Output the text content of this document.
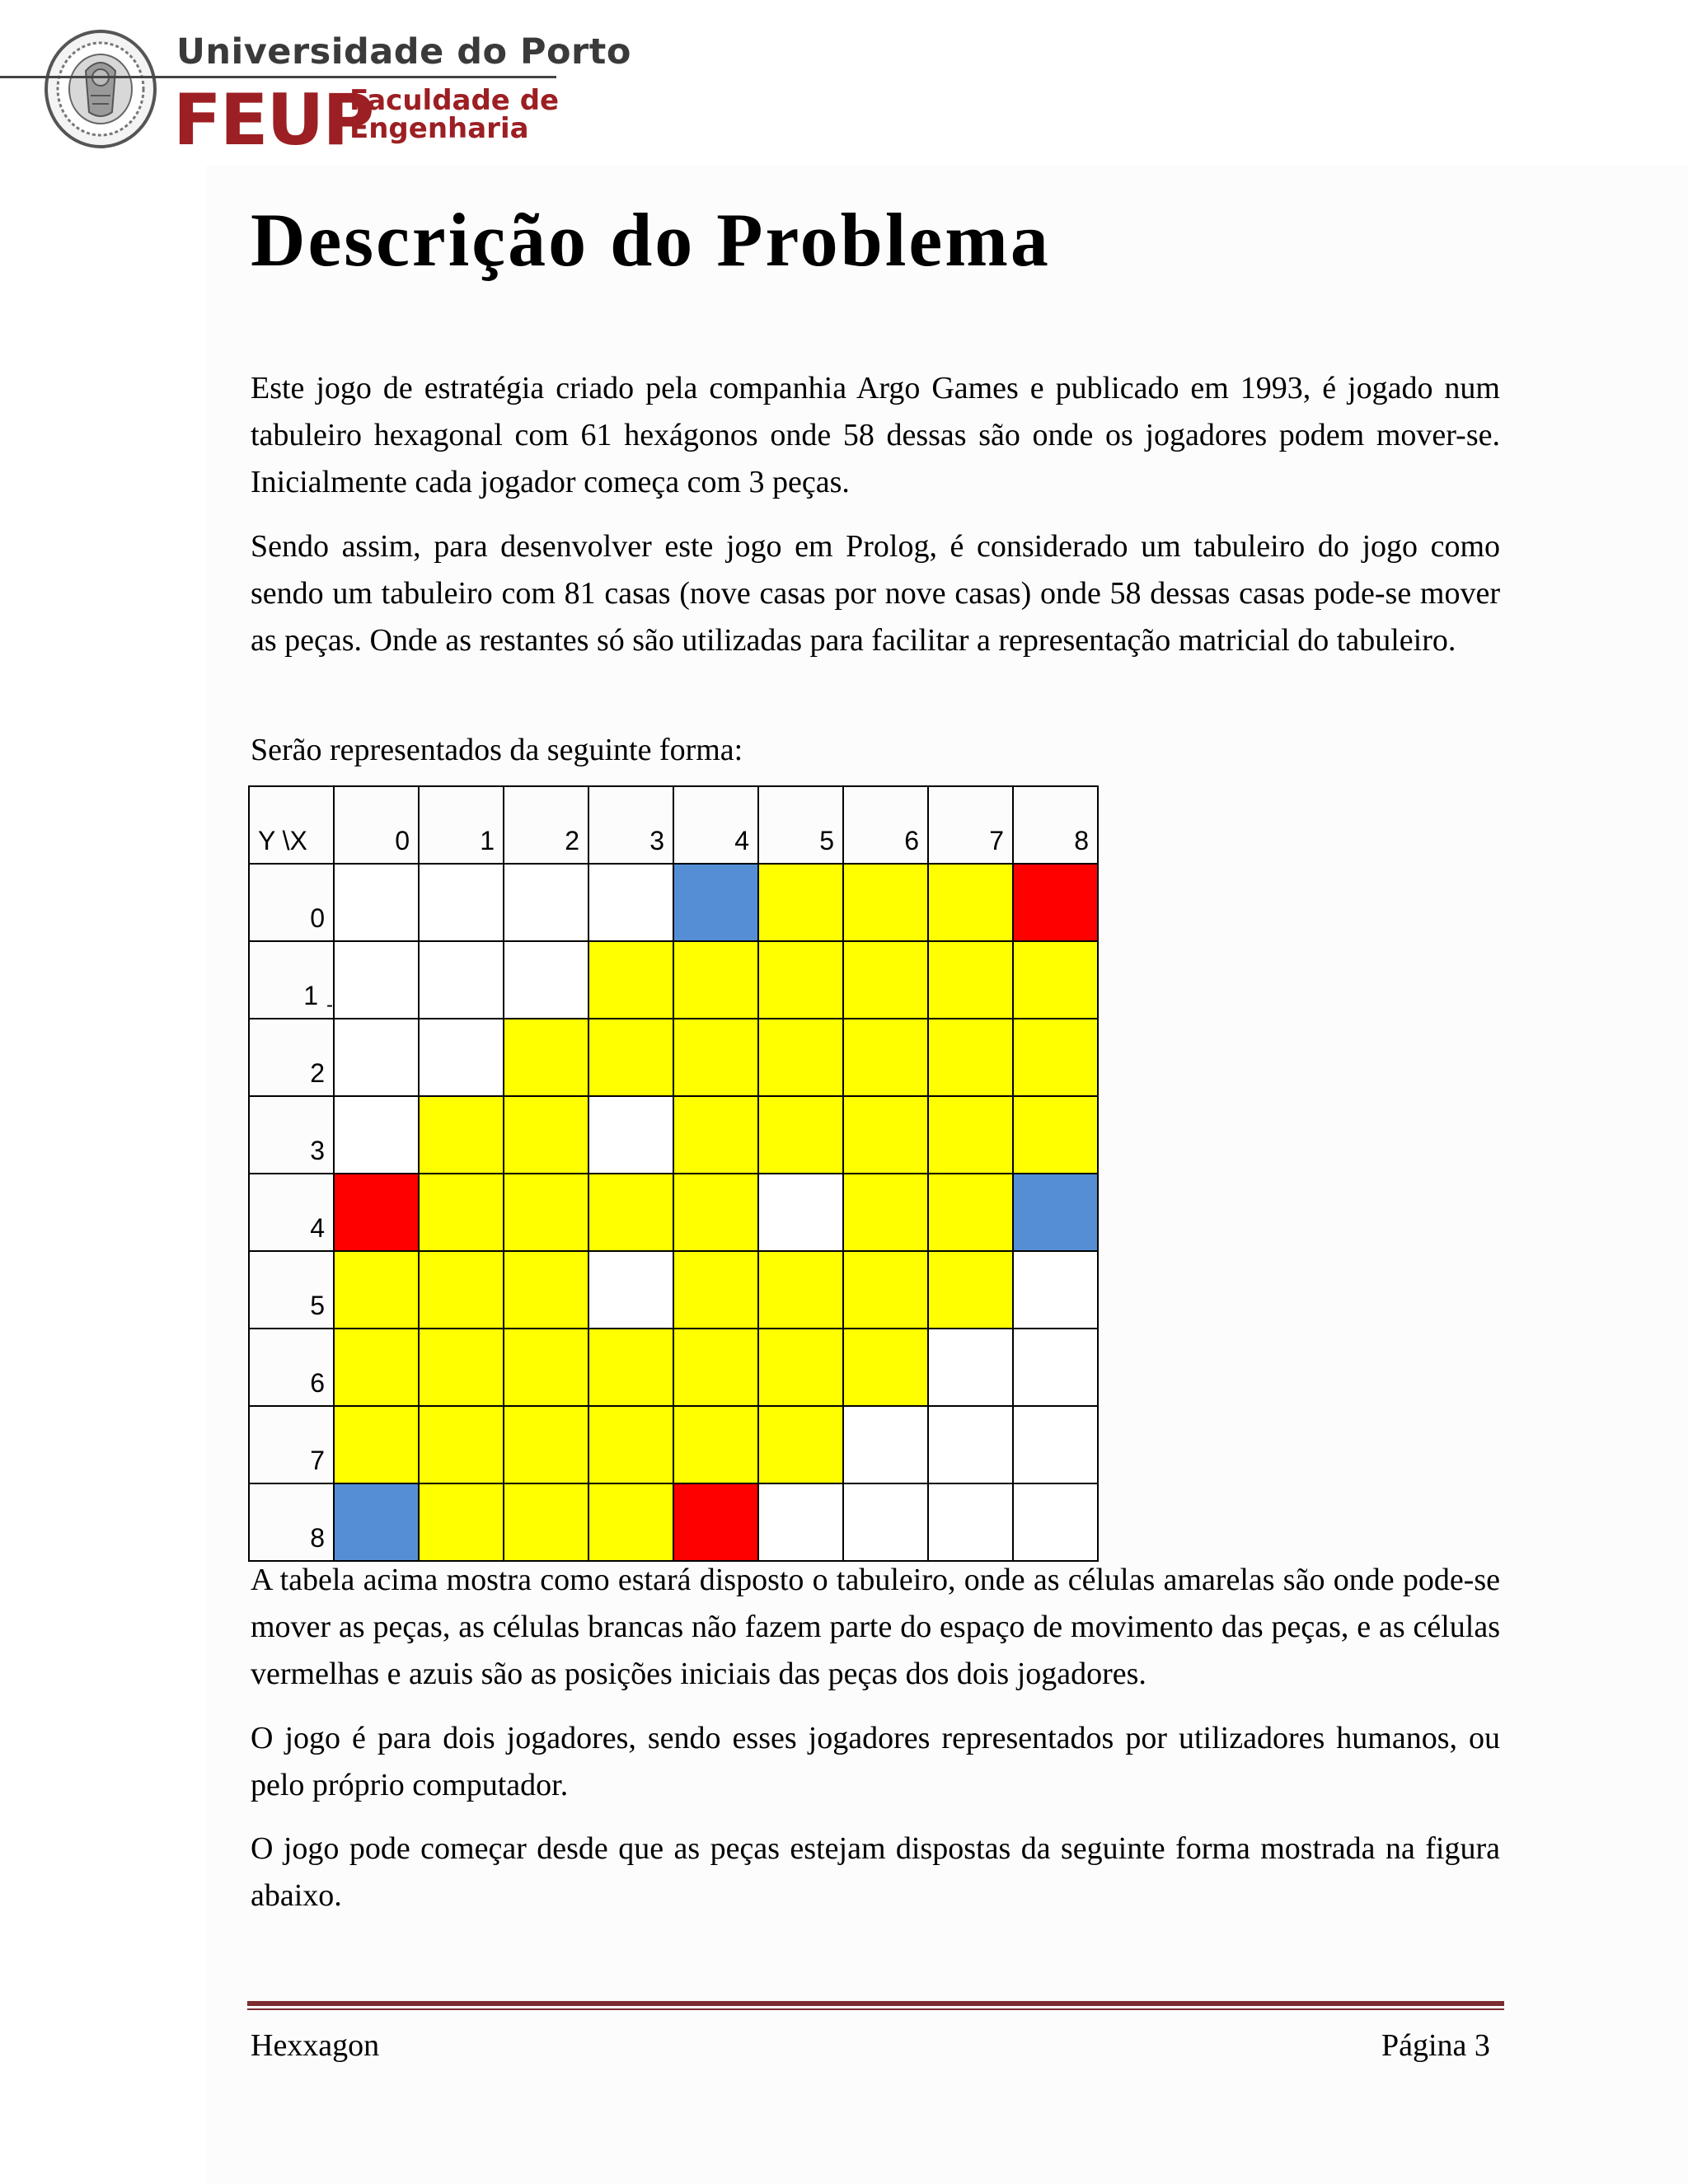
Universidade do Porto
FEUP
Faculdade de
Engenharia
Descrição do Problema

Este jogo de estratégia criado pela companhia Argo Games e publicado em 1993, é jogado num tabuleiro hexagonal com 61 hexágonos onde 58 dessas são onde os jogadores podem mover-se. Inicialmente cada jogador começa com 3 peças.

Sendo assim, para desenvolver este jogo em Prolog, é considerado um tabuleiro do jogo como sendo um tabuleiro com 81 casas (nove casas por nove casas) onde 58 dessas casas pode-se mover as peças. Onde as restantes só são utilizadas para facilitar a representação matricial do tabuleiro.

Serão representados da seguinte forma:

Y \X	0	1	2	3	4	5	6	7	8
0									
1 $_-$									
2									
3									
4									
5									
6									
7									
8									

A tabela acima mostra como estará disposto o tabuleiro, onde as células amarelas são onde pode-se mover as peças, as células brancas não fazem parte do espaço de movimento das peças, e as células vermelhas e azuis são as posições iniciais das peças dos dois jogadores.

O jogo é para dois jogadores, sendo esses jogadores representados por utilizadores humanos, ou pelo próprio computador.

O jogo pode começar desde que as peças estejam dispostas da seguinte forma mostrada na figura abaixo.

Hexxagon	Página 3
